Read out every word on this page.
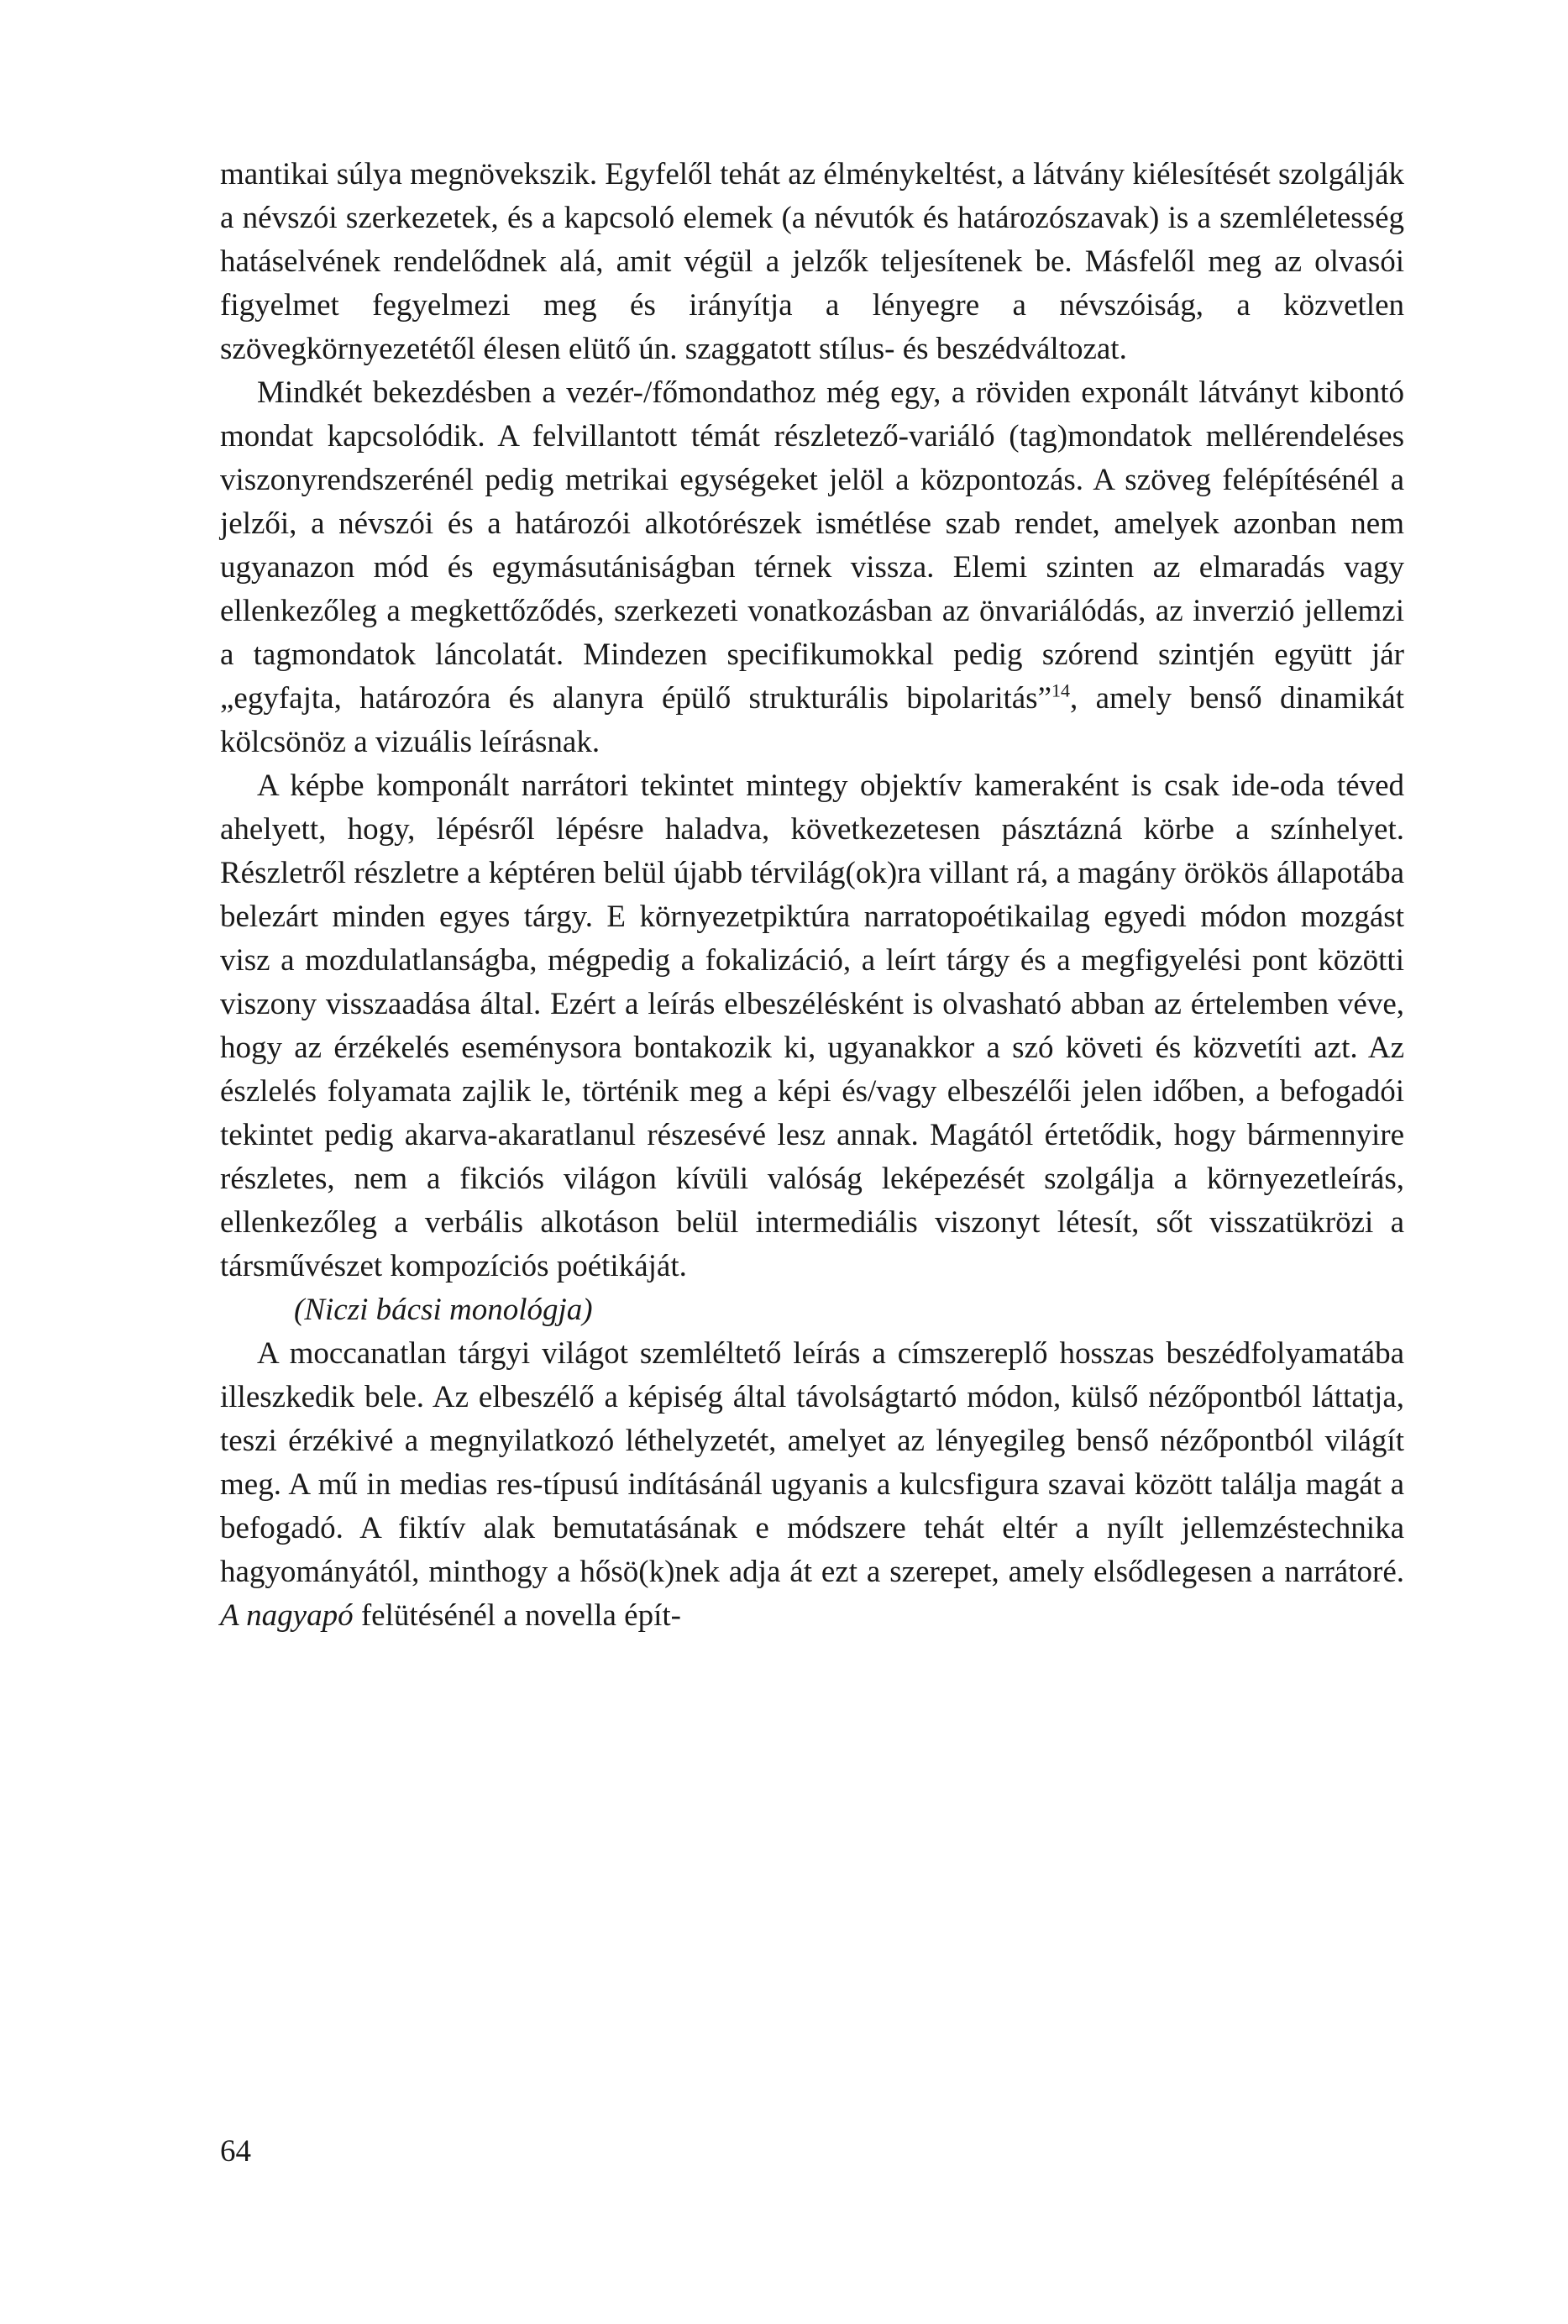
mantikai súlya megnövekszik. Egyfelől tehát az élménykeltést, a látvány kiélesítését szolgálják a névszói szerkezetek, és a kapcsoló elemek (a névutók és határozószavak) is a szemléletesség hatáselvének rendelődnek alá, amit végül a jelzők teljesítenek be. Másfelől meg az olvasói figyelmet fegyelmezi meg és irányítja a lényegre a névszóiság, a közvetlen szövegkörnyezetétől élesen elütő ún. szaggatott stílus- és beszédváltozat.

Mindkét bekezdésben a vezér-/főmondathoz még egy, a röviden exponált látványt kibontó mondat kapcsolódik. A felvillantott témát részletező-variáló (tag)mondatok mellérendeléses viszonyrendszerénél pedig metrikai egységeket jelöl a központozás. A szöveg felépítésénél a jelzői, a névszói és a határozói alkotórészek ismétlése szab rendet, amelyek azonban nem ugyanazon mód és egymásutániságban térnek vissza. Elemi szinten az elmaradás vagy ellenkezőleg a megkettőződés, szerkezeti vonatkozásban az önvariálódás, az inverzió jellemzi a tagmondatok láncolatát. Mindezen specifikumokkal pedig szórend szintjén együtt jár „egyfajta, határozóra és alanyra épülő strukturális bipolaritás”$^{14}$, amely benső dinamikát kölcsönöz a vizuális leírásnak.

A képbe komponált narrátori tekintet mintegy objektív kameraként is csak ide-oda téved ahelyett, hogy, lépésről lépésre haladva, következetesen pásztázná körbe a színhelyet. Részletről részletre a képtéren belül újabb térvilág(ok)ra villant rá, a magány örökös állapotába belezárt minden egyes tárgy. E környezetpiktúra narratopoétikailag egyedi módon mozgást visz a mozdulatlanságba, mégpedig a fokalizáció, a leírt tárgy és a megfigyelési pont közötti viszony visszaadása által. Ezért a leírás elbeszélésként is olvasható abban az értelemben véve, hogy az érzékelés eseménysora bontakozik ki, ugyanakkor a szó követi és közvetíti azt. Az észlelés folyamata zajlik le, történik meg a képi és/vagy elbeszélői jelen időben, a befogadói tekintet pedig akarva-akaratlanul részesévé lesz annak. Magától értetődik, hogy bármennyire részletes, nem a fikciós világon kívüli valóság leképezését szolgálja a környezetleírás, ellenkezőleg a verbális alkotáson belül intermediális viszonyt létesít, sőt visszatükrözi a társművészet kompozíciós poétikáját.

(Niczi bácsi monológja)

A moccanatlan tárgyi világot szemléltető leírás a címszereplő hosszas beszédfolyamatába illeszkedik bele. Az elbeszélő a képiség által távolságtartó módon, külső nézőpontból láttatja, teszi érzékivé a megnyilatkozó léthelyzetét, amelyet az lényegileg benső nézőpontból világít meg. A mű in medias res-típusú indításánál ugyanis a kulcsfigura szavai között találja magát a befogadó. A fiktív alak bemutatásának e módszere tehát eltér a nyílt jellemzéstechnika hagyományától, minthogy a hősö(k)nek adja át ezt a szerepet, amely elsődlegesen a narrátoré. A nagyapó felütésénél a novella épít-

64
